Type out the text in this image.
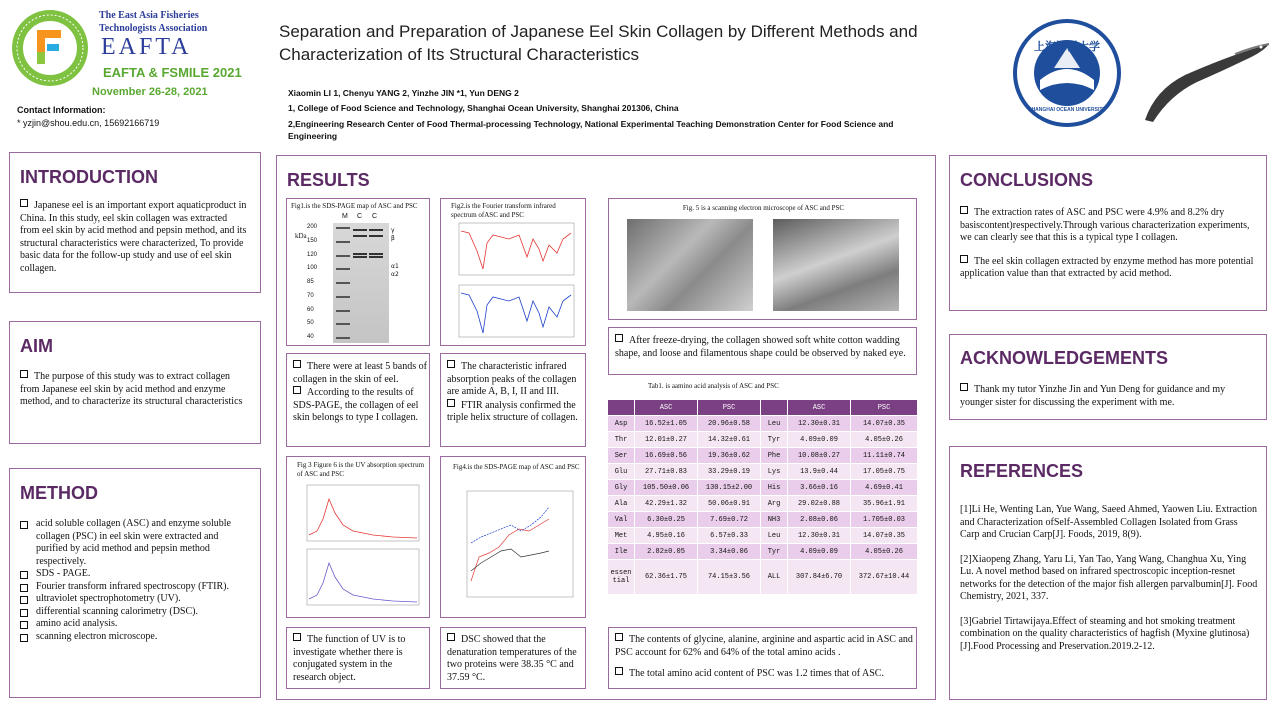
The East Asia Fisheries
Technologists Association
EAFTA
EAFTA & FSMILE 2021
November 26-28, 2021
Contact Information:
* yzjin@shou.edu.cn, 15692166719
Separation and Preparation of Japanese Eel Skin Collagen by Different Methods and
Characterization of Its Structural Characteristics
Xiaomin LI 1, Chenyu YANG 2, Yinzhe JIN *1, Yun DENG 2
1, College of Food Science and Technology, Shanghai Ocean University, Shanghai 201306, China
2,Engineering Research Center of Food Thermal-processing Technology, National Experimental Teaching Demonstration Center for Food Science and
Engineering
上海海洋大学
1912
SHANGHAI OCEAN UNIVERSITY
INTRODUCTION
Japanese eel is an important export aquaticproduct in China. In this study, eel skin collagen was extracted from eel skin by acid method and pepsin method, and its structural characteristics were characterized, To provide basic data for the follow-up study and use of eel skin collagen.
AIM
The purpose of this study was to extract collagen from Japanese eel skin by acid method and enzyme method, and to characterize its structural characteristics
METHOD
acid soluble collagen (ASC) and enzyme soluble collagen (PSC) in eel skin were extracted and purified by acid method and pepsin method respectively.
SDS - PAGE.
Fourier transform infrared spectroscopy (FTIR).
ultraviolet spectrophotometry (UV).
differential scanning calorimetry (DSC).
amino acid analysis.
scanning electron microscope.
RESULTS
Fig1.is the SDS-PAGE map of ASC and PSC
kDa
M C C
200
150
120
100
85
70
60
50
40
γ
β
α1
α2
There were at least 5 bands of collagen in the skin of eel.
According to the results of SDS-PAGE, the collagen of eel skin belongs to type I collagen.
Fig2.is the Fourier transform infrared spectrum ofASC and PSC
The characteristic infrared absorption peaks of the collagen are amide A, B, I, II and III.
FTIR analysis confirmed the triple helix structure of collagen.
Fig 3 Figure 6 is the UV absorption spectrum of ASC and PSC
The function of UV is to investigate whether there is conjugated system in the research object.
Fig4.is the SDS-PAGE map of ASC and PSC
DSC showed that the denaturation temperatures of the two proteins were 38.35 °C and 37.59 °C.
Fig. 5 is a scanning electron microscope of ASC and PSC
After freeze-drying, the collagen showed soft white cotton wadding shape, and loose and filamentous shape could be observed by naked eye.
Tab1. is aamino acid analysis of ASC and PSC
	ASC	PSC		ASC	PSC
Asp	16.52±1.05	20.96±0.58	Leu	12.30±0.31	14.07±0.35
Thr	12.01±0.27	14.32±0.61	Tyr	4.09±0.09	4.05±0.26
Ser	16.69±0.56	19.36±0.62	Phe	10.08±0.27	11.11±0.74
Glu	27.71±0.83	33.29±0.19	Lys	13.9±0.44	17.05±0.75
Gly	105.50±0.06	130.15±2.00	His	3.66±0.16	4.69±0.41
Ala	42.29±1.32	50.06±0.91	Arg	29.02±0.88	35.96±1.91
Val	6.30±0.25	7.69±0.72	NH3	2.08±0.06	1.705±0.03
Met	4.95±0.16	6.57±0.33	Leu	12.30±0.31	14.07±0.35
Ile	2.82±0.05	3.34±0.06	Tyr	4.09±0.09	4.05±0.26
essential	62.36±1.75	74.15±3.56	ALL	307.84±6.70	372.67±10.44
The contents of glycine, alanine, arginine and aspartic acid in ASC and PSC account for 62% and 64% of the total amino acids .
The total amino acid content of PSC was 1.2 times that of ASC.
CONCLUSIONS
The extraction rates of ASC and PSC were 4.9% and 8.2% dry basiscontent)respectively.Through various characterization experiments, we can clearly see that this is a typical type I collagen.
The eel skin collagen extracted by enzyme method has more potential application value than that extracted by acid method.
ACKNOWLEDGEMENTS
Thank my tutor Yinzhe Jin and Yun Deng for guidance and my younger sister for discussing the experiment with me.
REFERENCES
[1]Li He, Wenting Lan, Yue Wang, Saeed Ahmed, Yaowen Liu. Extraction and Characterization ofSelf-Assembled Collagen Isolated from Grass Carp and Crucian Carp[J]. Foods, 2019, 8(9).
[2]Xiaopeng Zhang, Yaru Li, Yan Tao, Yang Wang, Changhua Xu, Ying Lu. A novel method based on infrared spectroscopic inception-resnet networks for the detection of the major fish allergen parvalbumin[J]. Food Chemistry, 2021, 337.
[3]Gabriel Tirtawijaya.Effect of steaming and hot smoking treatment combination on the quality characteristics of hagfish (Myxine glutinosa)[J].Food Processing and Preservation.2019.2-12.
